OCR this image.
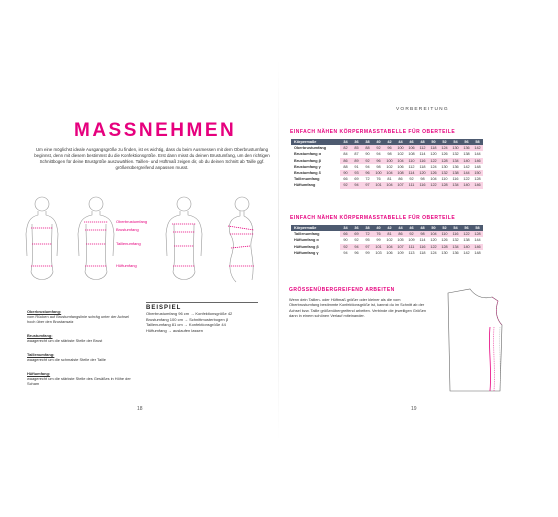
MASSNEHMEN
Um eine möglichst ideale Ausgangsgröße zu finden, ist es wichtig, dass du beim Ausmessen mit dem Oberbrustumfang beginnst, denn mit diesem bestimmst du die Konfektionsgröße. Erst dann misst du deinen Brustumfang, um den richtigen Schnittbogen für deine Brustgröße auszuwählen. Taillen- und Hüftmaß zeigen dir, ob du deinen Schnitt ab Taille ggf. größenübergreifend anpassen musst.
Oberbrustumfang
Brustumfang
Taillenumfang
Hüftumfang
Oberbrustumfang:
vom Rücken auf Brustumfangslinie schräg unter der Achsel hoch über den Brustansatz
Brustumfang:
waagerecht um die stärkste Stelle der Brust
Taillenumfang:
waagerecht um die schmalste Stelle der Taille
Hüftumfang:
waagerecht um die stärkste Stelle des Gesäßes in Höhe der Scham
BEISPIEL
Oberbrustumfang 96 cm → Konfektionsgröße 42
Brustumfang 100 cm → Schnittmusterbogen β
Taillenumfang 81 cm → Konfektionsgröße 44
Hüftumfang → auslaufen lassen
18
VORBEREITUNG
EINFACH NÄHEN KÖRPERMASSTABELLE FÜR OBERTEILE
Körpermaße	34	36	38	40	42	44	46	48	50	52	54	56	58
Oberbrustumfang	82	85	88	92	96	100	106	112	118	124	130	136	142
Brustumfang α	84	87	90	94	98	102	108	114	120	126	132	138	144
Brustumfang β	86	89	92	96	100	104	110	116	122	128	134	140	146
Brustumfang γ	88	91	94	98	102	106	112	118	124	130	136	142	148
Brustumfang δ	90	93	96	100	104	108	114	120	126	132	138	144	150
Taillenumfang	66	69	72	76	81	86	92	98	104	110	116	122	128
Hüftumfang	92	94	97	101	104	107	111	116	122	128	134	140	146
EINFACH NÄHEN KÖRPERMASSTABELLE FÜR OBERTEILE
Körpermaße	34	36	38	40	42	44	46	48	50	52	54	56	58
Taillenumfang	66	69	72	76	81	86	92	98	104	110	116	122	128
Hüftumfang α	90	92	95	99	102	105	109	114	120	126	132	138	144
Hüftumfang β	92	94	97	101	104	107	111	116	122	128	134	140	146
Hüftumfang γ	94	96	99	103	106	109	113	118	124	130	136	142	148
GRÖSSENÜBERGREIFEND ARBEITEN
Wenn dein Taillen- oder Hüftmaß größer oder kleiner als die vom Oberbrustumfang bestimmte Konfektionsgröße ist, kannst du im Schnitt ab der Achsel bzw. Taille größenübergreifend arbeiten. Verbinde die jeweiligen Größen dann in einem schönen Verlauf miteinander.
19
